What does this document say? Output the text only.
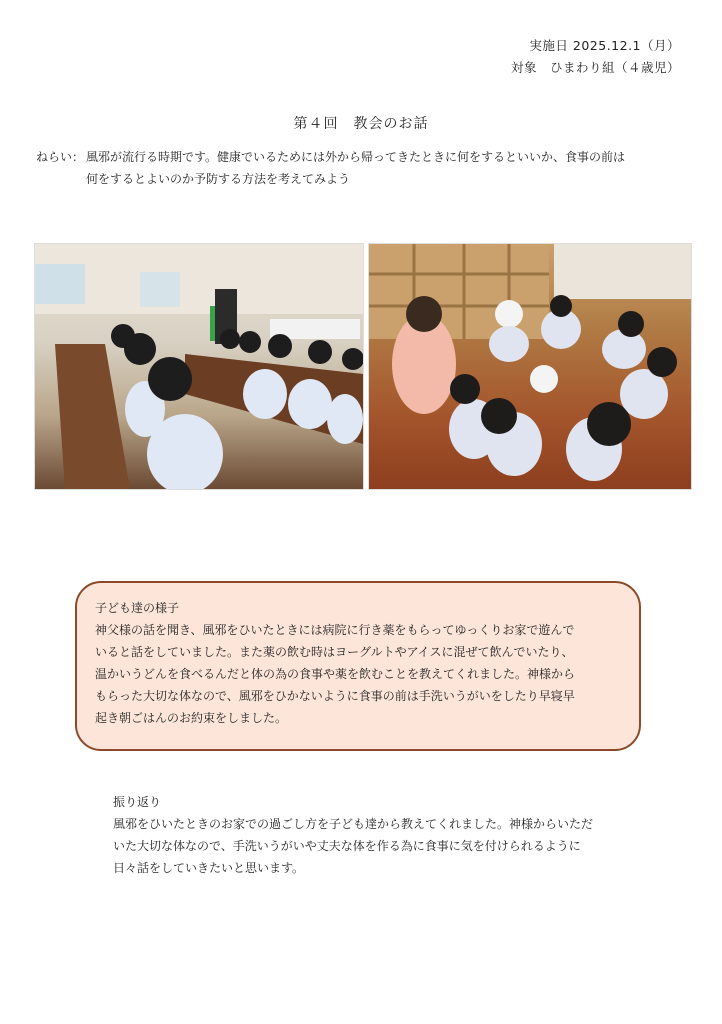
実施日 2025.12.1（月）
対象　ひまわり組（４歳児）
第４回　教会のお話
ねらい： 風邪が流行る時期です。健康でいるためには外から帰ってきたときに何をするといいか、食事の前は
何をするとよいのか予防する方法を考えてみよう
子ども達の様子
神父様の話を聞き、風邪をひいたときには病院に行き薬をもらってゆっくりお家で遊んで
いると話をしていました。また薬の飲む時はヨーグルトやアイスに混ぜて飲んでいたり、
温かいうどんを食べるんだと体の為の食事や薬を飲むことを教えてくれました。神様から
もらった大切な体なので、風邪をひかないように食事の前は手洗いうがいをしたり早寝早
起き朝ごはんのお約束をしました。
振り返り
風邪をひいたときのお家での過ごし方を子ども達から教えてくれました。神様からいただ
いた大切な体なので、手洗いうがいや丈夫な体を作る為に食事に気を付けられるように
日々話をしていきたいと思います。
